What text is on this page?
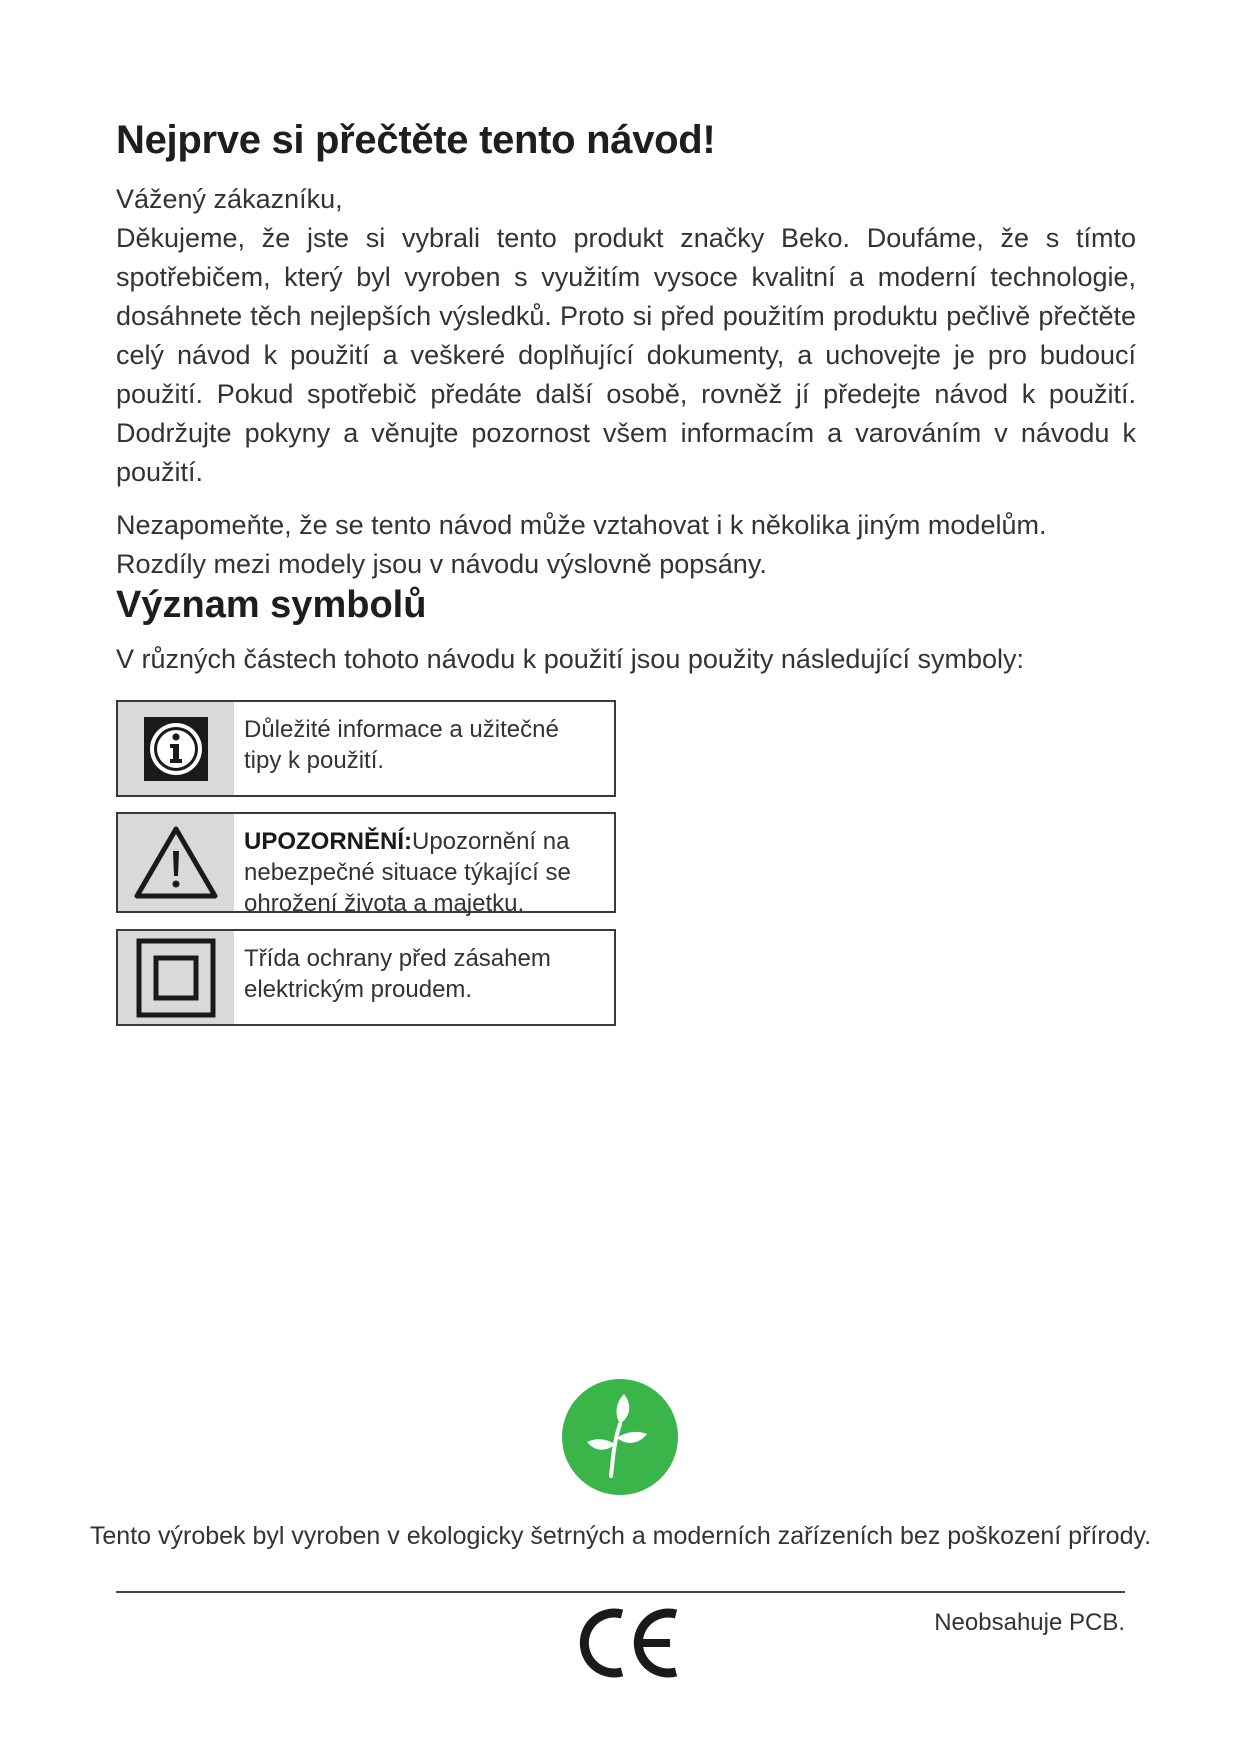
Nejprve si přečtěte tento návod!

Vážený zákazníku,

Děkujeme, že jste si vybrali tento produkt značky Beko. Doufáme, že s tímto spotřebičem, který byl vyroben s využitím vysoce kvalitní a moderní technologie, dosáhnete těch nejlepších výsledků. Proto si před použitím produktu pečlivě přečtěte celý návod k použití a veškeré doplňující dokumenty, a uchovejte je pro budoucí použití. Pokud spotřebič předáte další osobě, rovněž jí předejte návod k použití. Dodržujte pokyny a věnujte pozornost všem informacím a varováním v návodu k použití.

Nezapomeňte, že se tento návod může vztahovat i k několika jiným modelům. Rozdíly mezi modely jsou v návodu výslovně popsány.

Význam symbolů

V různých částech tohoto návodu k použití jsou použity následující symboly:

Důležité informace a užitečné tipy k použití.
UPOZORNĚNÍ:Upozornění na nebezpečné situace týkající se ohrožení života a majetku.
Třída ochrany před zásahem elektrickým proudem.

Tento výrobek byl vyroben v ekologicky šetrných a moderních zařízeních bez poškození přírody.

Neobsahuje PCB.
